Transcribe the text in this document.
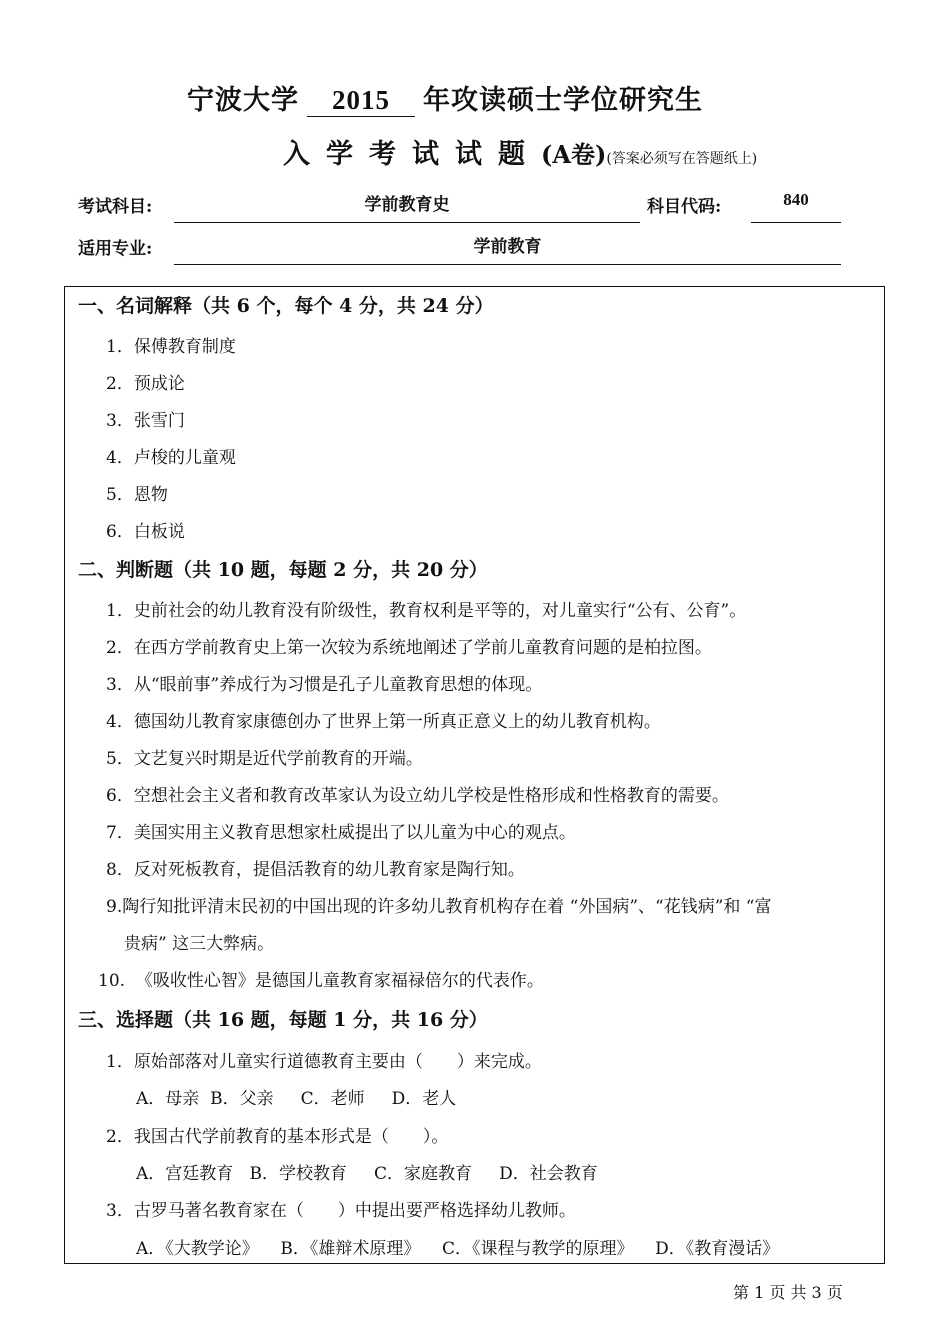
宁波大学 2015 年攻读硕士学位研究生
入学考试试题(A卷)(答案必须写在答题纸上)
考试科目:	学前教育史	科目代码:	840
适用专业:	学前教育
一、名词解释（共 6 个，每个 4 分，共 24 分）
1．保傅教育制度
2．预成论
3．张雪门
4．卢梭的儿童观
5．恩物
6．白板说
二、判断题（共 10 题，每题 2 分，共 20 分）
1．史前社会的幼儿教育没有阶级性，教育权利是平等的，对儿童实行“公有、公育”。
2．在西方学前教育史上第一次较为系统地阐述了学前儿童教育问题的是柏拉图。
3．从“眼前事”养成行为习惯是孔子儿童教育思想的体现。
4．德国幼儿教育家康德创办了世界上第一所真正意义上的幼儿教育机构。
5．文艺复兴时期是近代学前教育的开端。
6．空想社会主义者和教育改革家认为设立幼儿学校是性格形成和性格教育的需要。
7．美国实用主义教育思想家杜威提出了以儿童为中心的观点。
8．反对死板教育，提倡活教育的幼儿教育家是陶行知。
9.陶行知批评清末民初的中国出现的许多幼儿教育机构存在着 “外国病”、“花钱病”和 “富
贵病” 这三大弊病。
10. 《吸收性心智》是德国儿童教育家福禄倍尔的代表作。
三、选择题（共 16 题，每题 1 分，共 16 分）
1．原始部落对儿童实行道德教育主要由（　　）来完成。
A．母亲 B．父亲 C．老师 D．老人
2．我国古代学前教育的基本形式是（　　）。
A．宫廷教育 B．学校教育 C．家庭教育 D．社会教育
3．古罗马著名教育家在（　　）中提出要严格选择幼儿教师。
A．《大教学论》 B．《雄辩术原理》 C．《课程与教学的原理》 D．《教育漫话》
第 1 页 共 3 页
